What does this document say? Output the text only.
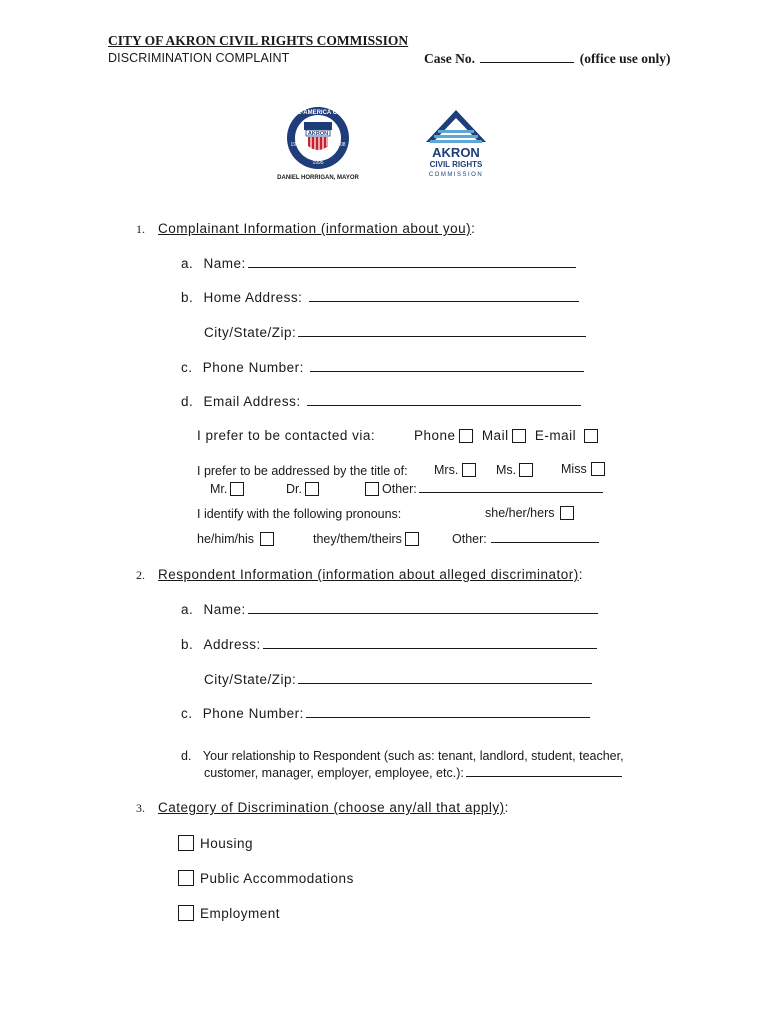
CITY OF AKRON CIVIL RIGHTS COMMISSION
DISCRIMINATION COMPLAINT	Case No.	(office use only)
ALL-AMERICA CITY
AKRON
1981
1995
2008
DANIEL HORRIGAN, MAYOR
AKRON
CIVIL RIGHTS
COMMISSION
1. Complainant Information (information about you):
a. Name:
b. Home Address:
City/State/Zip:
c. Phone Number:
d. Email Address:
I prefer to be contacted via:	Phone Mail E-mail
I prefer to be addressed by the title of: Mrs.	Ms.	Miss
Mr.	Dr.	Other:
I identify with the following pronouns:	she/her/hers
he/him/his	they/them/theirs	Other:
2. Respondent Information (information about alleged discriminator):
a. Name:
b. Address:
City/State/Zip:
c. Phone Number:
d. Your relationship to Respondent (such as: tenant, landlord, student, teacher,
customer, manager, employer, employee, etc.):
3. Category of Discrimination (choose any/all that apply):
Housing
Public Accommodations
Employment
